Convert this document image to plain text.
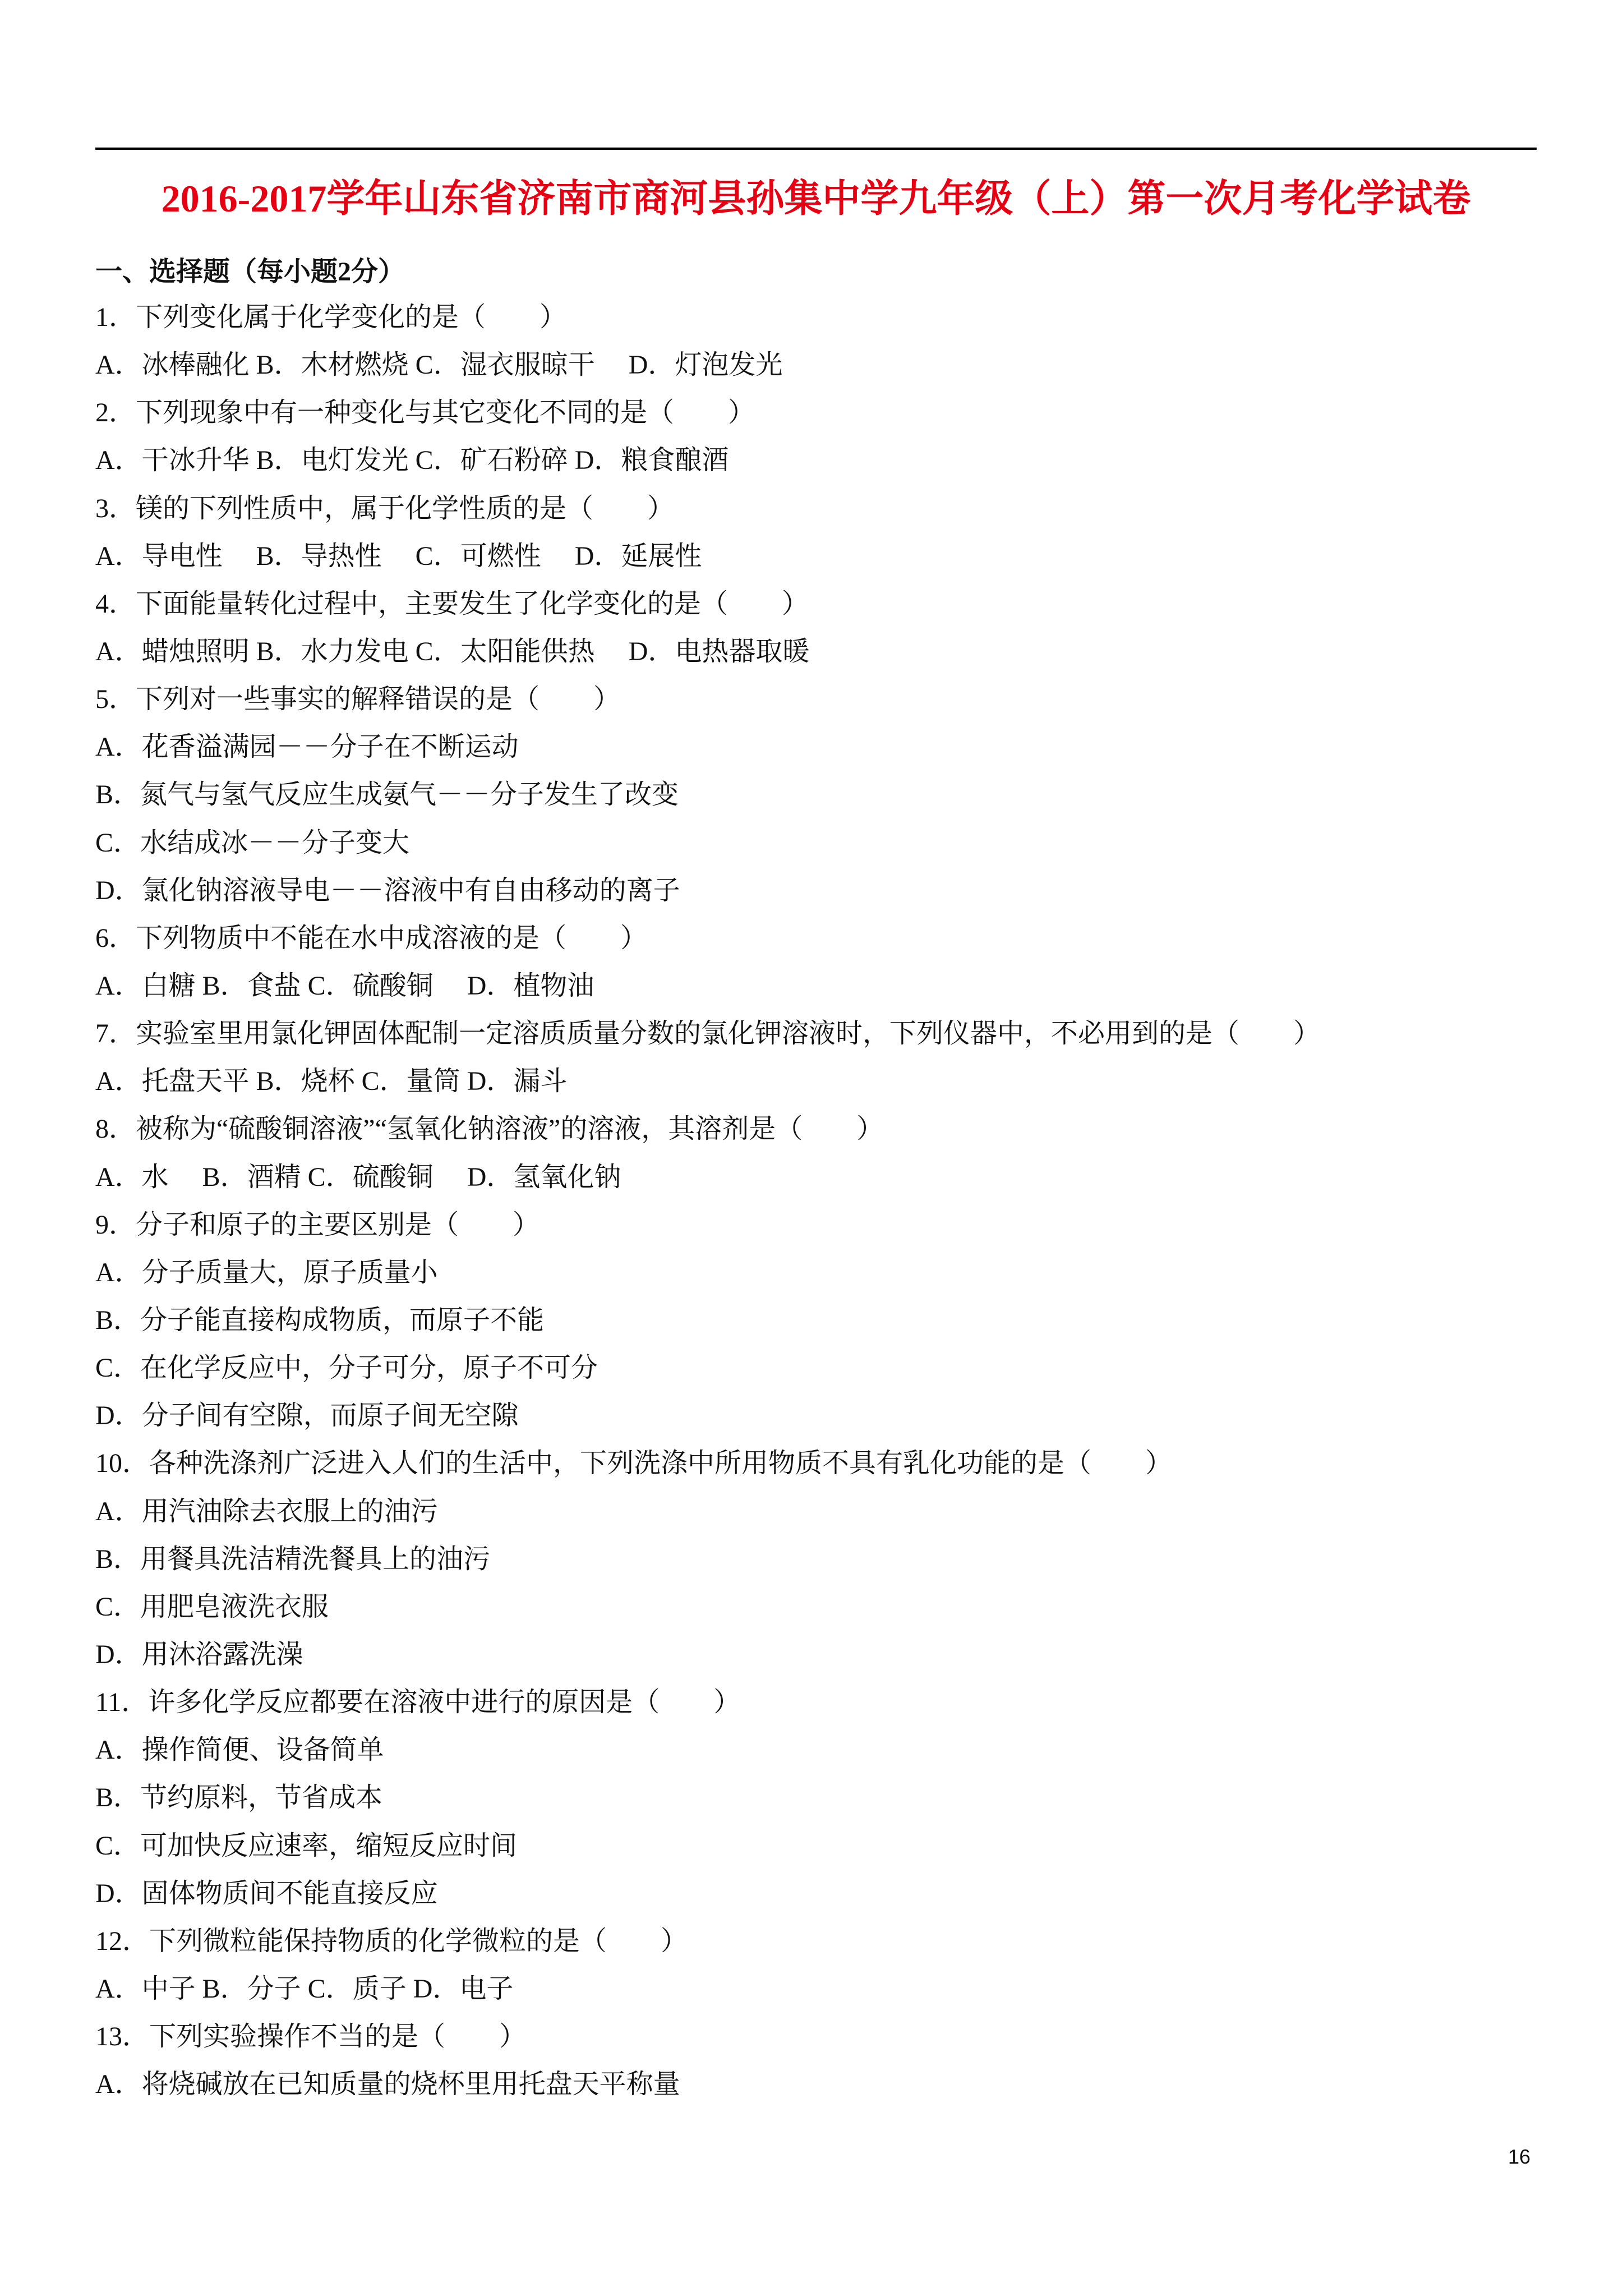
2016-2017学年山东省济南市商河县孙集中学九年级（上）第一次月考化学试卷
一、选择题（每小题2分）
1．下列变化属于化学变化的是（　　）
A．冰棒融化 B．木材燃烧 C．湿衣服晾干　 D．灯泡发光
2．下列现象中有一种变化与其它变化不同的是（　　）
A．干冰升华 B．电灯发光 C．矿石粉碎 D．粮食酿酒
3．镁的下列性质中，属于化学性质的是（　　）
A．导电性　 B．导热性　 C．可燃性　 D．延展性
4．下面能量转化过程中，主要发生了化学变化的是（　　）
A．蜡烛照明 B．水力发电 C．太阳能供热　 D．电热器取暖
5．下列对一些事实的解释错误的是（　　）
A．花香溢满园－－分子在不断运动
B．氮气与氢气反应生成氨气－－分子发生了改变
C．水结成冰－－分子变大
D．氯化钠溶液导电－－溶液中有自由移动的离子
6．下列物质中不能在水中成溶液的是（　　）
A．白糖 B．食盐 C．硫酸铜　 D．植物油
7．实验室里用氯化钾固体配制一定溶质质量分数的氯化钾溶液时，下列仪器中，不必用到的是（　　）
A．托盘天平 B．烧杯 C．量筒 D．漏斗
8．被称为“硫酸铜溶液”“氢氧化钠溶液”的溶液，其溶剂是（　　）
A．水　 B．酒精 C．硫酸铜　 D．氢氧化钠
9．分子和原子的主要区别是（　　）
A．分子质量大，原子质量小
B．分子能直接构成物质，而原子不能
C．在化学反应中，分子可分，原子不可分
D．分子间有空隙，而原子间无空隙
10．各种洗涤剂广泛进入人们的生活中，下列洗涤中所用物质不具有乳化功能的是（　　）
A．用汽油除去衣服上的油污
B．用餐具洗洁精洗餐具上的油污
C．用肥皂液洗衣服
D．用沐浴露洗澡
11．许多化学反应都要在溶液中进行的原因是（　　）
A．操作简便、设备简单
B．节约原料，节省成本
C．可加快反应速率，缩短反应时间
D．固体物质间不能直接反应
12．下列微粒能保持物质的化学微粒的是（　　）
A．中子 B．分子 C．质子 D．电子
13．下列实验操作不当的是（　　）
A．将烧碱放在已知质量的烧杯里用托盘天平称量
16
